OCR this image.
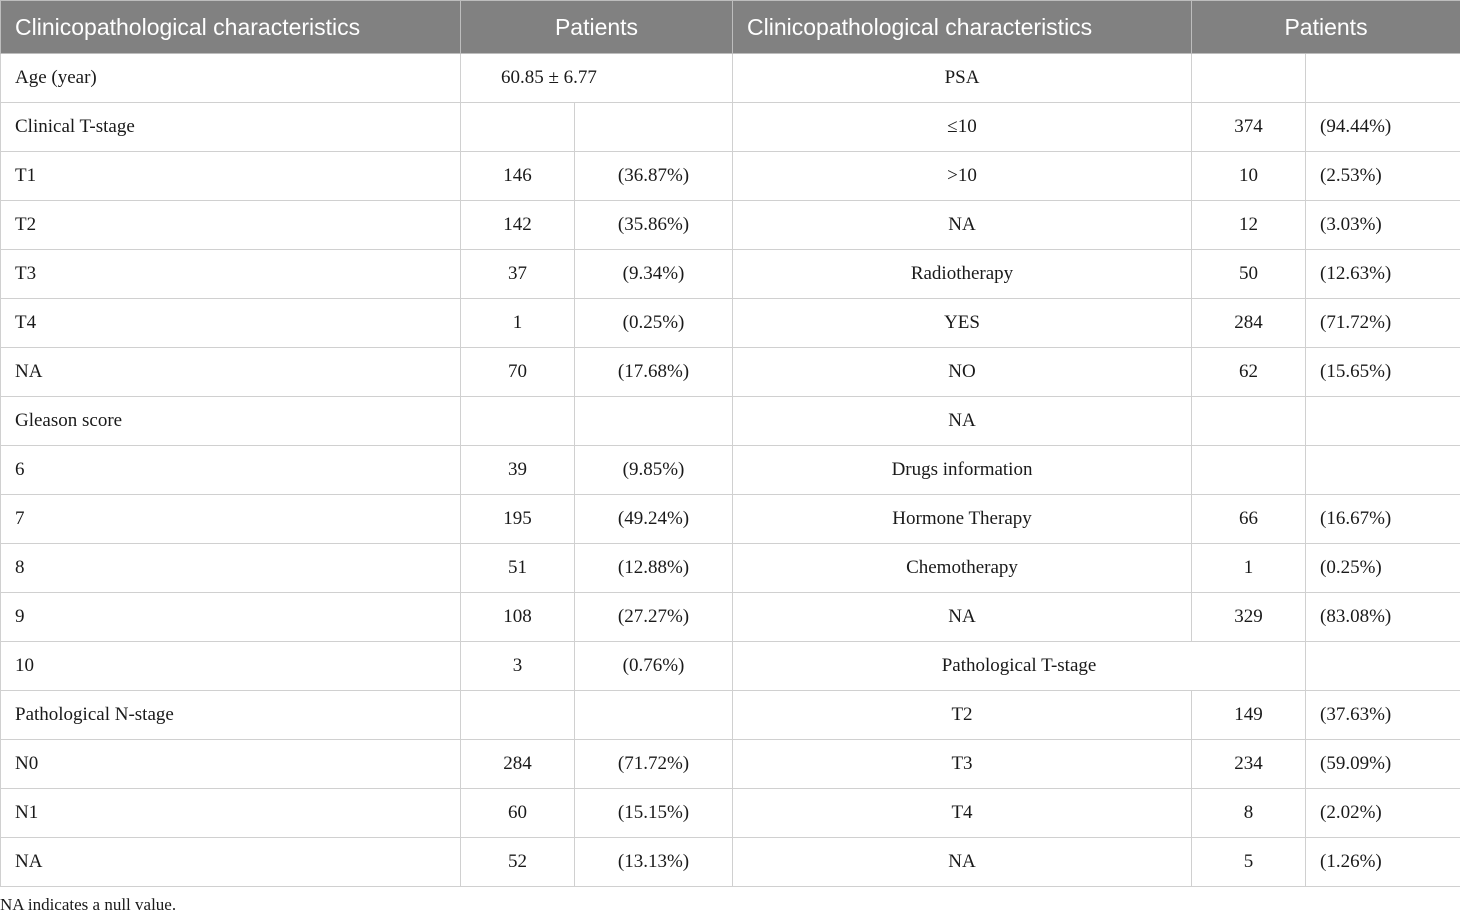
Clinicopathological characteristics	Patients		Clinicopathological characteristics	Patients	
Age (year)	60.85 ± 6.77		PSA		
Clinical T-stage			≤10	374	(94.44%)
T1	146	(36.87%)	>10	10	(2.53%)
T2	142	(35.86%)	NA	12	(3.03%)
T3	37	(9.34%)	Radiotherapy	50	(12.63%)
T4	1	(0.25%)	YES	284	(71.72%)
NA	70	(17.68%)	NO	62	(15.65%)
Gleason score			NA		
6	39	(9.85%)	Drugs information		
7	195	(49.24%)	Hormone Therapy	66	(16.67%)
8	51	(12.88%)	Chemotherapy	1	(0.25%)
9	108	(27.27%)	NA	329	(83.08%)
10	3	(0.76%)	Pathological T-stage		
Pathological N-stage			T2	149	(37.63%)
N0	284	(71.72%)	T3	234	(59.09%)
N1	60	(15.15%)	T4	8	(2.02%)
NA	52	(13.13%)	NA	5	(1.26%)
NA indicates a null value.
